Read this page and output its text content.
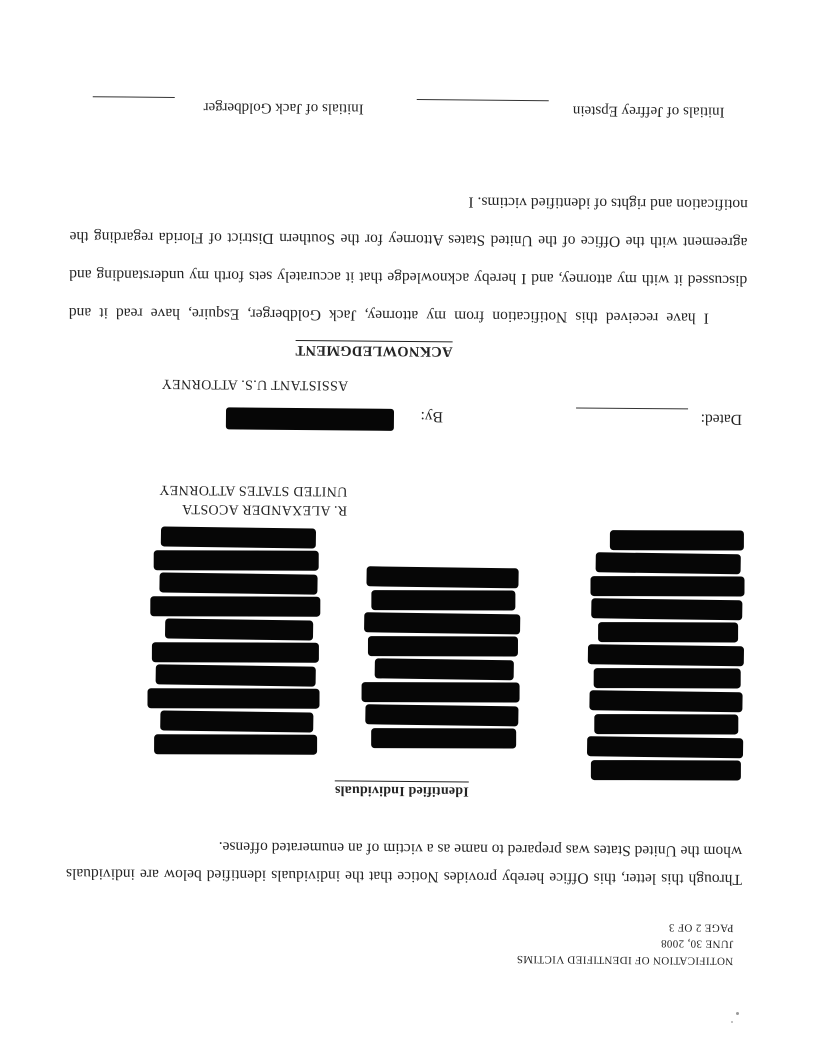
NOTIFICATION OF IDENTIFIED VICTIMS
JUNE 30, 2008
PAGE 2 OF 3
Through this letter, this Office hereby provides Notice that the individuals identified below are individuals whom the United States was prepared to name as a victim of an enumerated offense.
Identified Individuals
R. ALEXANDER ACOSTA
UNITED STATES ATTORNEY
Dated:
By:
ASSISTANT U.S. ATTORNEY
ACKNOWLEDGMENT
I have received this Notification from my attorney, Jack Goldberger, Esquire, have read it and discussed it with my attorney, and I hereby acknowledge that it accurately sets forth my understanding and agreement with the Office of the United States Attorney for the Southern District of Florida regarding the notification and rights of identified victims. I
Initials of Jeffrey Epstein
Initials of Jack Goldberger
